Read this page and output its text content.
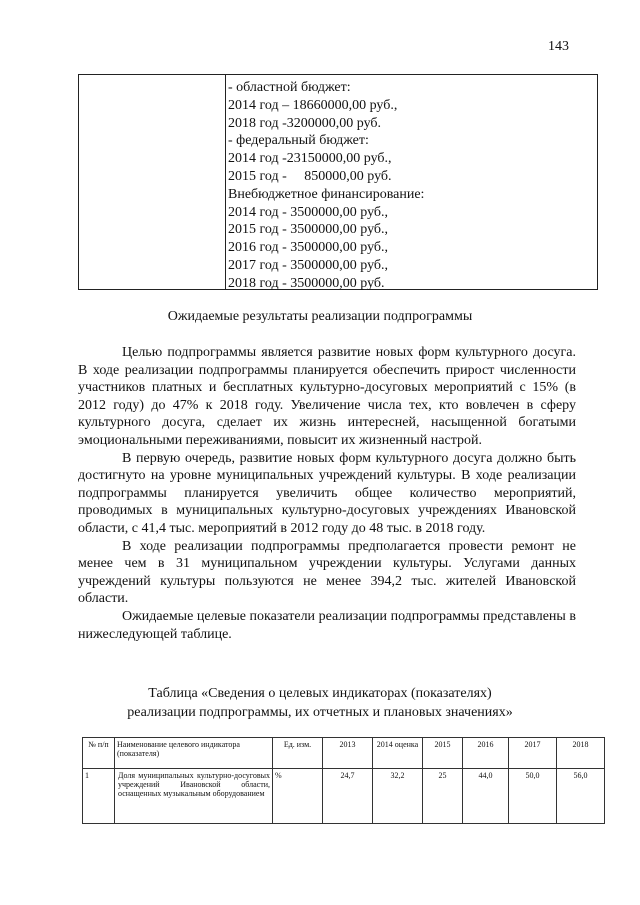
143
- областной бюджет:
2014 год – 18660000,00 руб.,
2018 год -3200000,00 руб.
- федеральный бюджет:
2014 год -23150000,00 руб.,
2015 год -     850000,00 руб.
Внебюджетное финансирование:
2014 год - 3500000,00 руб.,
2015 год - 3500000,00 руб.,
2016 год - 3500000,00 руб.,
2017 год - 3500000,00 руб.,
2018 год - 3500000,00 руб.
Ожидаемые результаты реализации подпрограммы

Целью подпрограммы является развитие новых форм культурного досуга. В ходе реализации подпрограммы планируется обеспечить прирост численности участников платных и бесплатных культурно-досуговых мероприятий с 15% (в 2012 году) до 47% к 2018 году. Увеличение числа тех, кто вовлечен в сферу культурного досуга, сделает их жизнь интересней, насыщенной богатыми эмоциональными переживаниями, повысит их жизненный настрой.

В первую очередь, развитие новых форм культурного досуга должно быть достигнуто на уровне муниципальных учреждений культуры. В ходе реализации подпрограммы планируется увеличить общее количество мероприятий, проводимых в муниципальных культурно-досуговых учреждениях Ивановской области, с 41,4 тыс. мероприятий в 2012 году до 48 тыс. в 2018 году.

В ходе реализации подпрограммы предполагается провести ремонт не менее чем в 31 муниципальном учреждении культуры. Услугами данных учреждений культуры пользуются не менее 394,2 тыс. жителей Ивановской области.

Ожидаемые целевые показатели реализации подпрограммы представлены в нижеследующей таблице.

Таблица «Сведения о целевых индикаторах (показателях)
реализации подпрограммы, их отчетных и плановых значениях»
№ п/п	Наименование целевого индикатора (показателя)	Ед. изм.	2013	2014 оценка	2015	2016	2017	2018
1	Доля муниципальных культурно-досуговых учреждений Ивановской области, оснащенных музыкальным оборудованием	%	24,7	32,2	25	44,0	50,0	56,0
